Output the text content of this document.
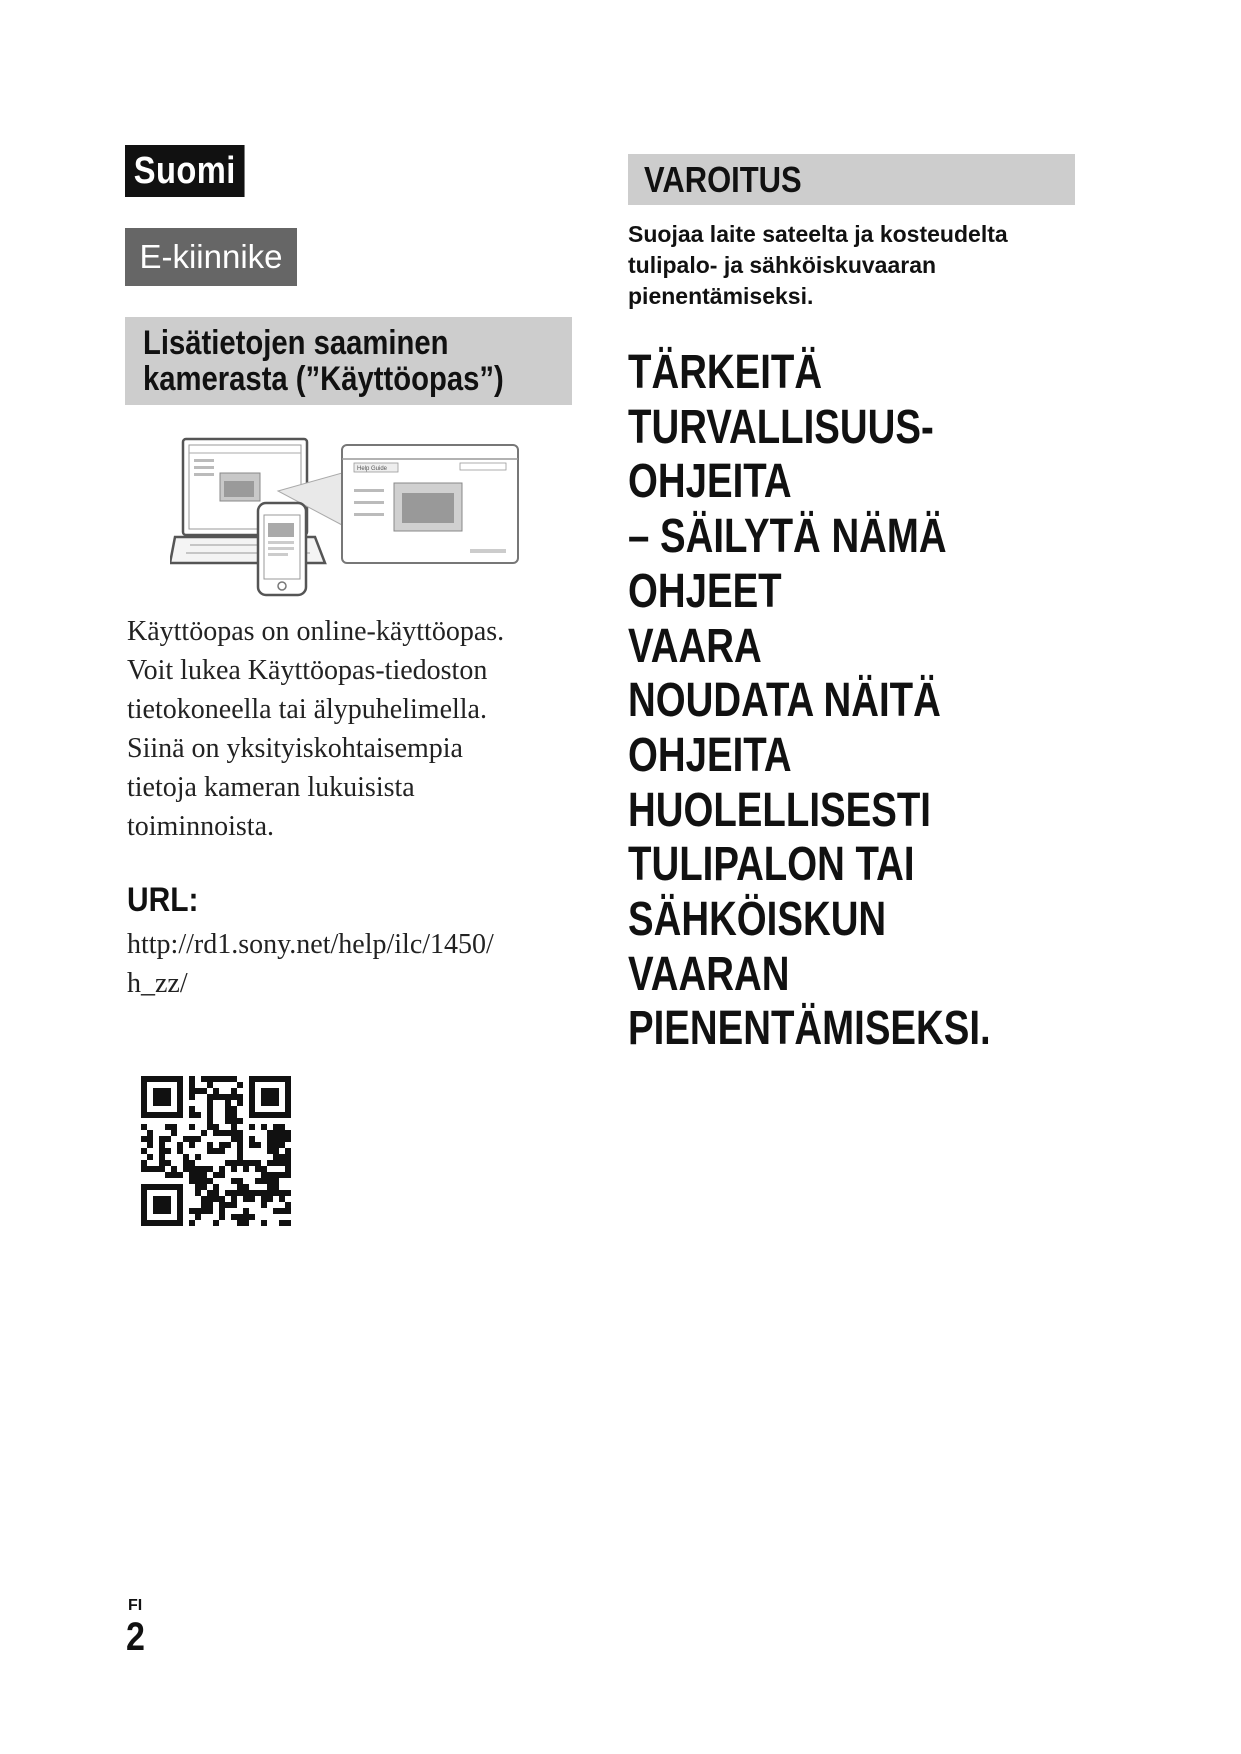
Suomi
E-kiinnike
Lisätietojen saaminen
kamerasta (”Käyttöopas”)
Help Guide
Käyttöopas on online-käyttöopas.
Voit lukea Käyttöopas-tiedoston
tietokoneella tai älypuhelimella.
Siinä on yksityiskohtaisempia
tietoja kameran lukuisista
toiminnoista.
URL:
http://rd1.sony.net/help/ilc/1450/
h_zz/
VAROITUS
Suojaa laite sateelta ja kosteudelta
tulipalo- ja sähköiskuvaaran
pienentämiseksi.
TÄRKEITÄ
TURVALLISUUS-
OHJEITA
– SÄILYTÄ NÄMÄ
OHJEET
VAARA
NOUDATA NÄITÄ
OHJEITA
HUOLELLISESTI
TULIPALON TAI
SÄHKÖISKUN
VAARAN
PIENENTÄMISEKSI.
FI
2
